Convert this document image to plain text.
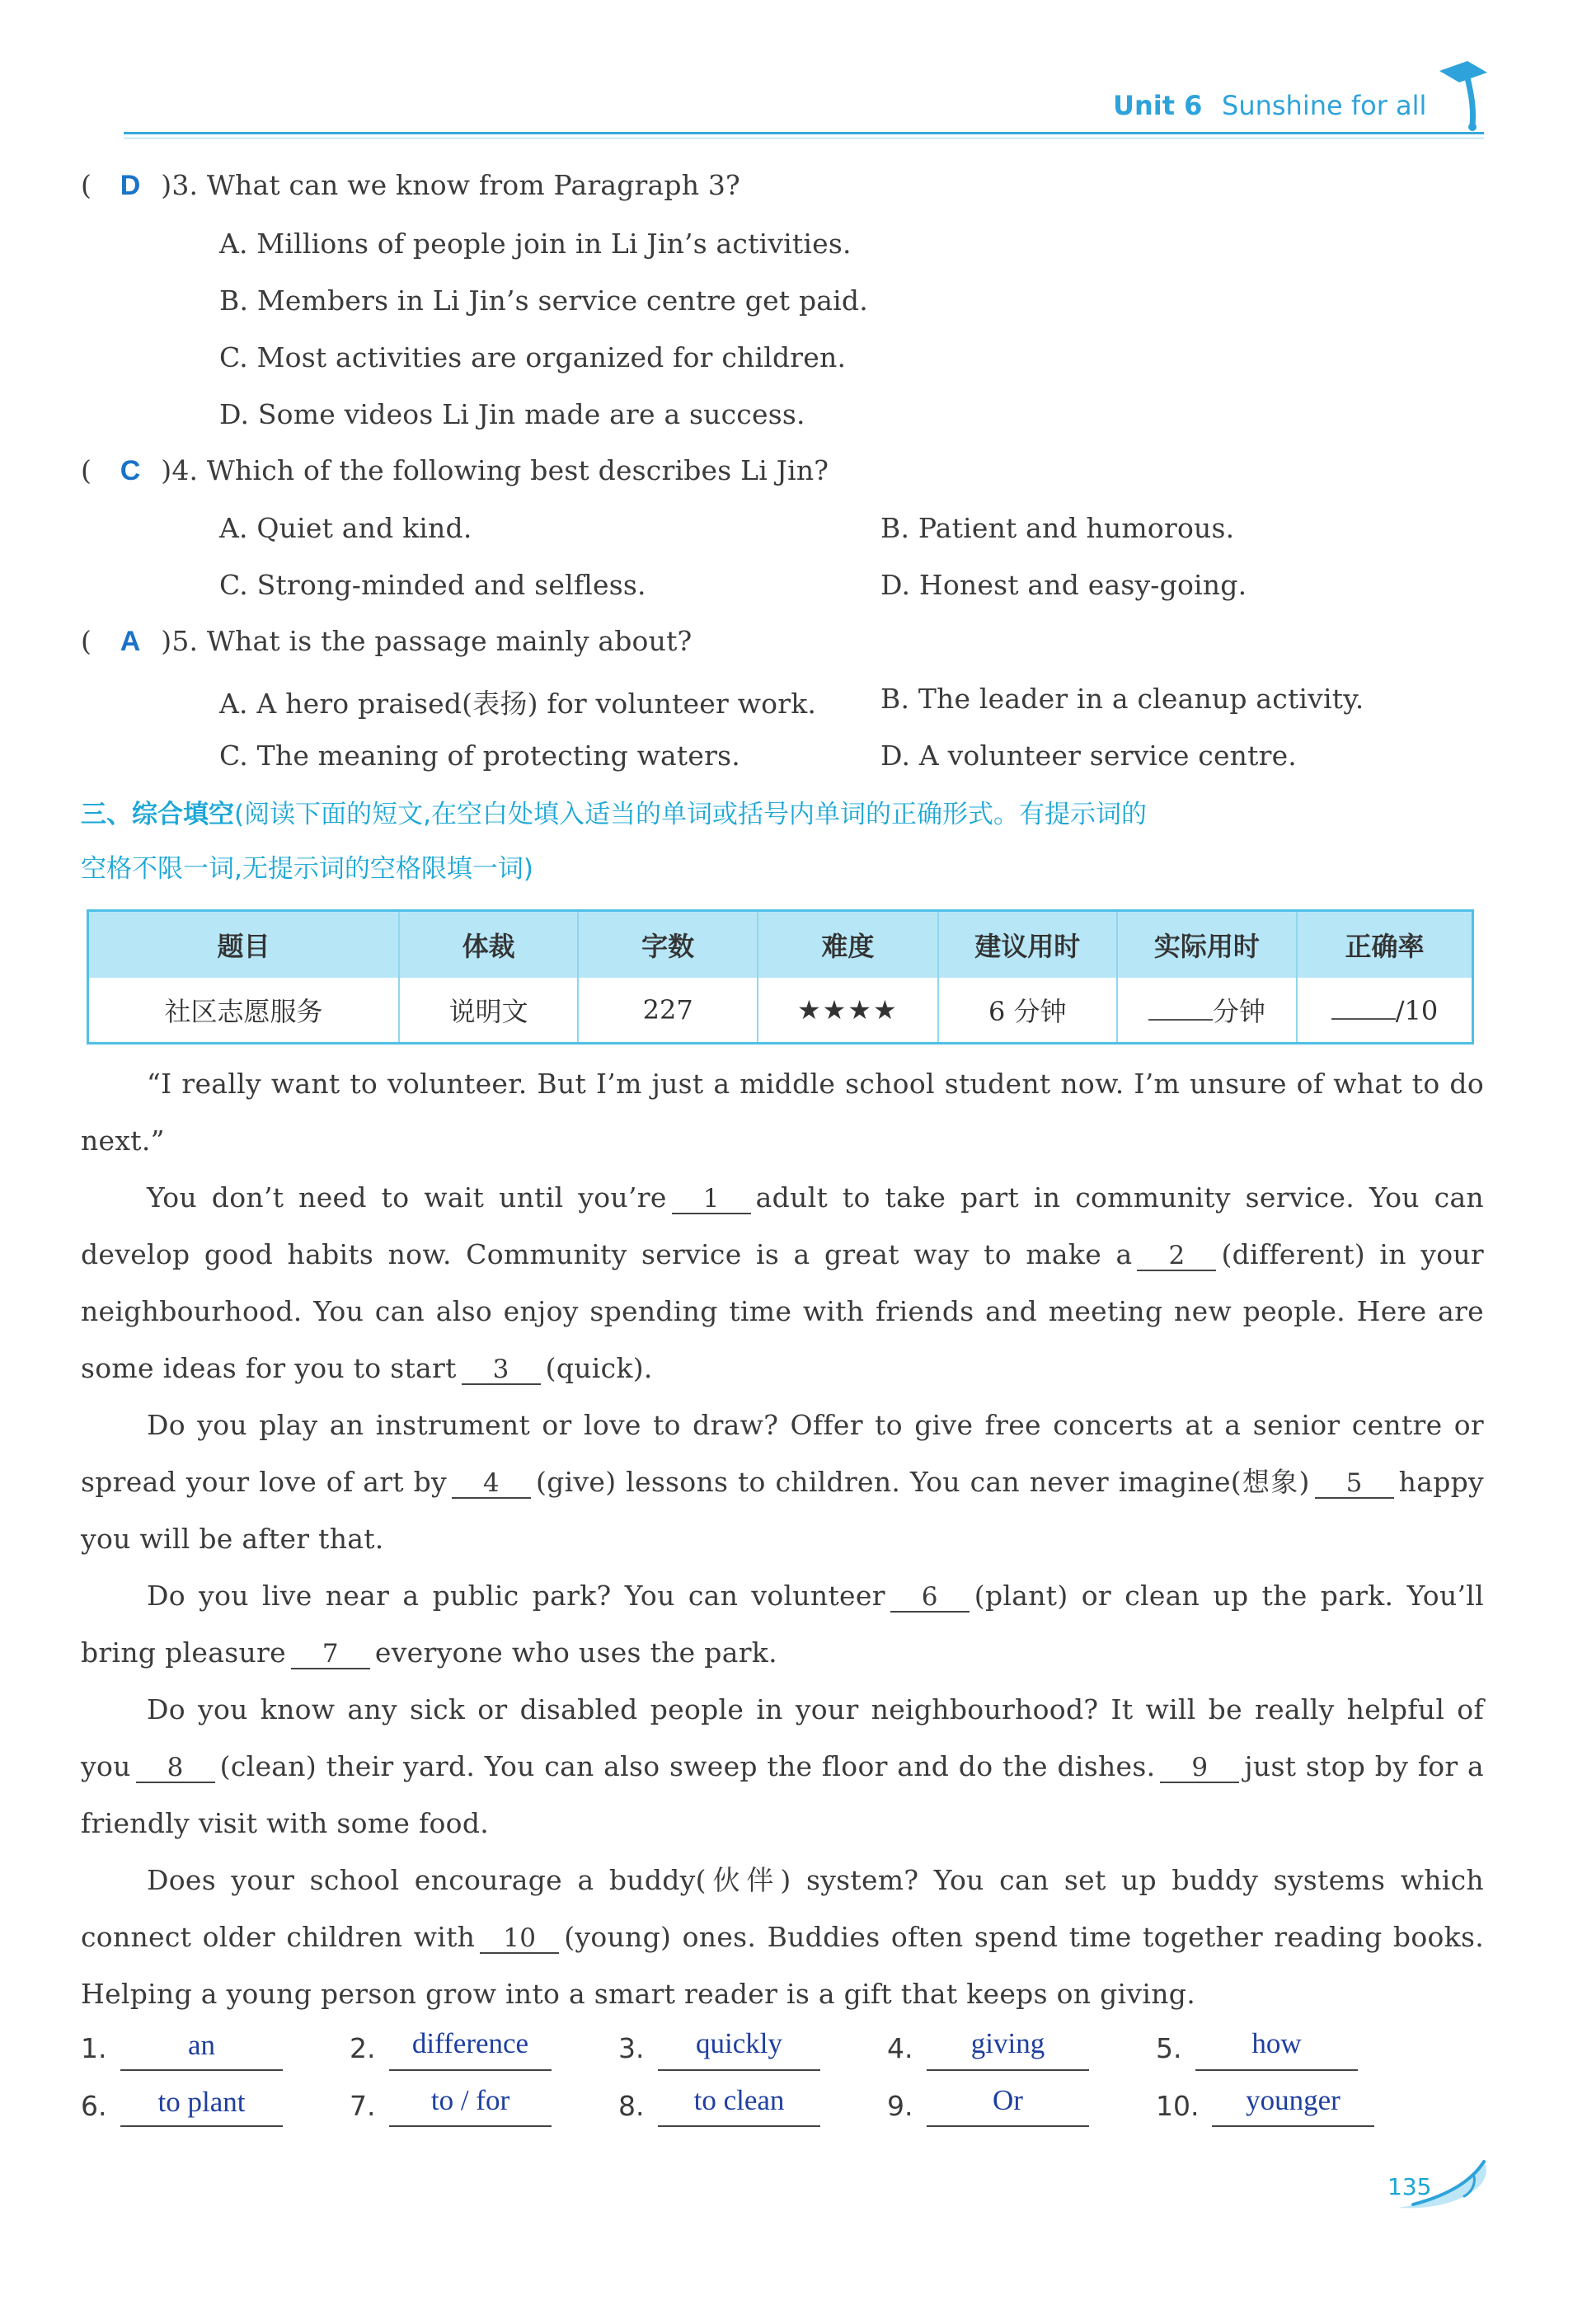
Unit 6 Sunshine for all
( D )3. What can we know from Paragraph 3?
A. Millions of people join in Li Jin’s activities.
B. Members in Li Jin’s service centre get paid.
C. Most activities are organized for children.
D. Some videos Li Jin made are a success.
( C )4. Which of the following best describes Li Jin?
A. Quiet and kind.	B. Patient and humorous.
C. Strong-minded and selfless.	D. Honest and easy-going.
( A )5. What is the passage mainly about?
A. A hero praised(表扬) for volunteer work. B. The leader in a cleanup activity.
C. The meaning of protecting waters.	D. A volunteer service centre.
三、综合填空(阅读下面的短文,在空白处填入适当的单词或括号内单词的正确形式。有提示词的
空格不限一词,无提示词的空格限填一词)
题目	体裁	字数	难度	建议用时	实际用时	正确率
社区志愿服务	说明文	227	★★★★	6 分钟	分钟	/10
“I really want to volunteer. But I’m just a middle school student now. I’m unsure of what to do next.”
You don’t need to wait until you’re 1 adult to take part in community service. You can develop good habits now. Community service is a great way to make a 2 (different) in your neighbourhood. You can also enjoy spending time with friends and meeting new people. Here are some ideas for you to start 3 (quick).
Do you play an instrument or love to draw? Offer to give free concerts at a senior centre or spread your love of art by 4 (give) lessons to children. You can never imagine(想象) 5 happy you will be after that.
Do you live near a public park? You can volunteer 6 (plant) or clean up the park. You’ll bring pleasure 7 everyone who uses the park.
Do you know any sick or disabled people in your neighbourhood? It will be really helpful of you 8 (clean) their yard. You can also sweep the floor and do the dishes. 9 just stop by for a friendly visit with some food.
Does your school encourage a buddy(伙伴) system? You can set up buddy systems which connect older children with 10 (young) ones. Buddies often spend time together reading books. Helping a young person grow into a smart reader is a gift that keeps on giving.
1.	an	2.	difference	3.	quickly	4.	giving	5.	how
6.	to plant	7.	to / for	8.	to clean	9.	Or	10.	younger
135
